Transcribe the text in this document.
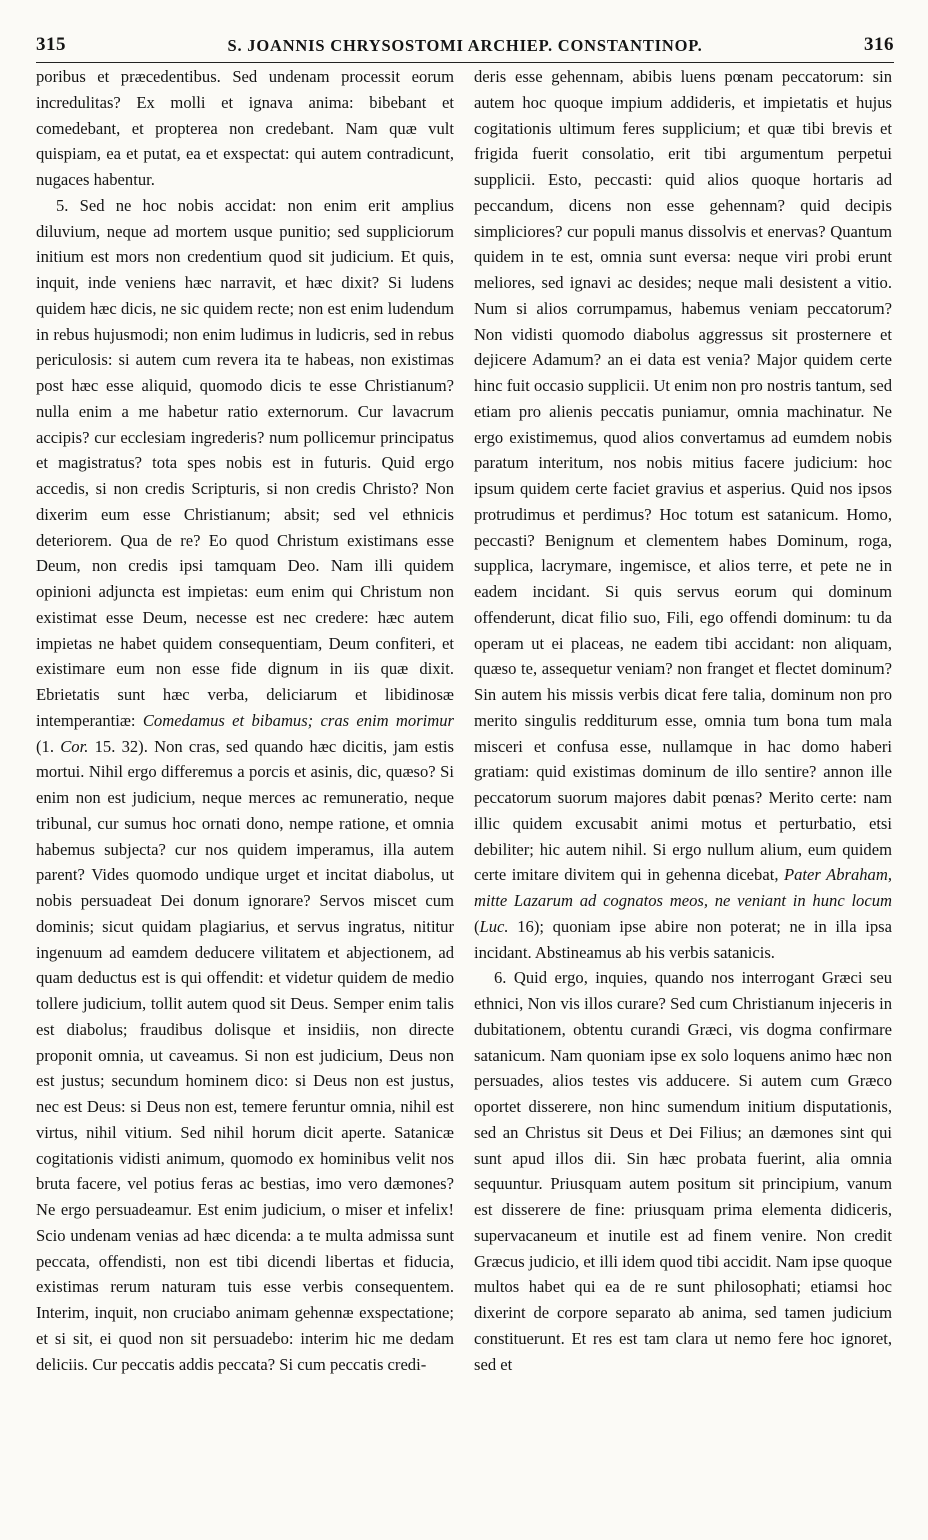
315	S. JOANNIS CHRYSOSTOMI ARCHIEP. CONSTANTINOP.	316

poribus et præcedentibus. Sed undenam processit eorum incredulitas? Ex molli et ignava anima: bibebant et comedebant, et propterea non credebant. Nam quæ vult quispiam, ea et putat, ea et exspectat: qui autem contradicunt, nugaces habentur.

5. Sed ne hoc nobis accidat: non enim erit amplius diluvium, neque ad mortem usque punitio; sed suppliciorum initium est mors non credentium quod sit judicium. Et quis, inquit, inde veniens hæc narravit, et hæc dixit? Si ludens quidem hæc dicis, ne sic quidem recte; non est enim ludendum in rebus hujusmodi; non enim ludimus in ludicris, sed in rebus periculosis: si autem cum revera ita te habeas, non existimas post hæc esse aliquid, quomodo dicis te esse Christianum? nulla enim a me habetur ratio externorum. Cur lavacrum accipis? cur ecclesiam ingrederis? num pollicemur principatus et magistratus? tota spes nobis est in futuris. Quid ergo accedis, si non credis Scripturis, si non credis Christo? Non dixerim eum esse Christianum; absit; sed vel ethnicis deteriorem. Qua de re? Eo quod Christum existimans esse Deum, non credis ipsi tamquam Deo. Nam illi quidem opinioni adjuncta est impietas: eum enim qui Christum non existimat esse Deum, necesse est nec credere: hæc autem impietas ne habet quidem consequentiam, Deum confiteri, et existimare eum non esse fide dignum in iis quæ dixit. Ebrietatis sunt hæc verba, deliciarum et libidinosæ intemperantiæ: Comedamus et bibamus; cras enim morimur (1. Cor. 15. 32). Non cras, sed quando hæc dicitis, jam estis mortui. Nihil ergo differemus a porcis et asinis, dic, quæso? Si enim non est judicium, neque merces ac remuneratio, neque tribunal, cur sumus hoc ornati dono, nempe ratione, et omnia habemus subjecta? cur nos quidem imperamus, illa autem parent? Vides quomodo undique urget et incitat diabolus, ut nobis persuadeat Dei donum ignorare? Servos miscet cum dominis; sicut quidam plagiarius, et servus ingratus, nititur ingenuum ad eamdem deducere vilitatem et abjectionem, ad quam deductus est is qui offendit: et videtur quidem de medio tollere judicium, tollit autem quod sit Deus. Semper enim talis est diabolus; fraudibus dolisque et insidiis, non directe proponit omnia, ut caveamus. Si non est judicium, Deus non est justus; secundum hominem dico: si Deus non est justus, nec est Deus: si Deus non est, temere feruntur omnia, nihil est virtus, nihil vitium. Sed nihil horum dicit aperte. Satanicæ cogitationis vidisti animum, quomodo ex hominibus velit nos bruta facere, vel potius feras ac bestias, imo vero dæmones? Ne ergo persuadeamur. Est enim judicium, o miser et infelix! Scio undenam venias ad hæc dicenda: a te multa admissa sunt peccata, offendisti, non est tibi dicendi libertas et fiducia, existimas rerum naturam tuis esse verbis consequentem. Interim, inquit, non cruciabo animam gehennæ exspectatione; et si sit, ei quod non sit persuadebo: interim hic me dedam deliciis. Cur peccatis addis peccata? Si cum peccatis credi-

deris esse gehennam, abibis luens pœnam peccatorum: sin autem hoc quoque impium addideris, et impietatis et hujus cogitationis ultimum feres supplicium; et quæ tibi brevis et frigida fuerit consolatio, erit tibi argumentum perpetui supplicii. Esto, peccasti: quid alios quoque hortaris ad peccandum, dicens non esse gehennam? quid decipis simpliciores? cur populi manus dissolvis et enervas? Quantum quidem in te est, omnia sunt eversa: neque viri probi erunt meliores, sed ignavi ac desides; neque mali desistent a vitio. Num si alios corrumpamus, habemus veniam peccatorum? Non vidisti quomodo diabolus aggressus sit prosternere et dejicere Adamum? an ei data est venia? Major quidem certe hinc fuit occasio supplicii. Ut enim non pro nostris tantum, sed etiam pro alienis peccatis puniamur, omnia machinatur. Ne ergo existimemus, quod alios convertamus ad eumdem nobis paratum interitum, nos nobis mitius facere judicium: hoc ipsum quidem certe faciet gravius et asperius. Quid nos ipsos protrudimus et perdimus? Hoc totum est satanicum. Homo, peccasti? Benignum et clementem habes Dominum, roga, supplica, lacrymare, ingemisce, et alios terre, et pete ne in eadem incidant. Si quis servus eorum qui dominum offenderunt, dicat filio suo, Fili, ego offendi dominum: tu da operam ut ei placeas, ne eadem tibi accidant: non aliquam, quæso te, assequetur veniam? non franget et flectet dominum? Sin autem his missis verbis dicat fere talia, dominum non pro merito singulis redditurum esse, omnia tum bona tum mala misceri et confusa esse, nullamque in hac domo haberi gratiam: quid existimas dominum de illo sentire? annon ille peccatorum suorum majores dabit pœnas? Merito certe: nam illic quidem excusabit animi motus et perturbatio, etsi debiliter; hic autem nihil. Si ergo nullum alium, eum quidem certe imitare divitem qui in gehenna dicebat, Pater Abraham, mitte Lazarum ad cognatos meos, ne veniant in hunc locum (Luc. 16); quoniam ipse abire non poterat; ne in illa ipsa incidant. Abstineamus ab his verbis satanicis.

6. Quid ergo, inquies, quando nos interrogant Græci seu ethnici, Non vis illos curare? Sed cum Christianum injeceris in dubitationem, obtentu curandi Græci, vis dogma confirmare satanicum. Nam quoniam ipse ex solo loquens animo hæc non persuades, alios testes vis adducere. Si autem cum Græco oportet disserere, non hinc sumendum initium disputationis, sed an Christus sit Deus et Dei Filius; an dæmones sint qui sunt apud illos dii. Sin hæc probata fuerint, alia omnia sequuntur. Priusquam autem positum sit principium, vanum est disserere de fine: priusquam prima elementa didiceris, supervacaneum et inutile est ad finem venire. Non credit Græcus judicio, et illi idem quod tibi accidit. Nam ipse quoque multos habet qui ea de re sunt philosophati; etiamsi hoc dixerint de corpore separato ab anima, sed tamen judicium constituerunt. Et res est tam clara ut nemo fere hoc ignoret, sed et
